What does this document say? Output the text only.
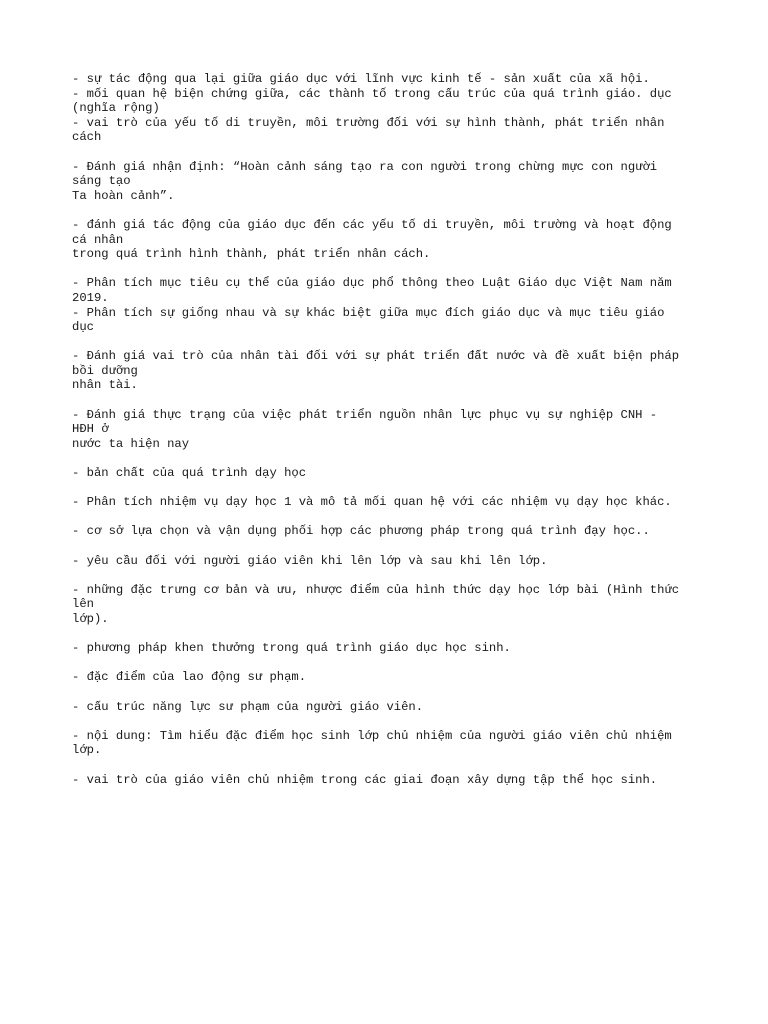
- sự tác động qua lại giữa giáo dục với lĩnh vực kinh tế - sản xuất của xã hội.
- mối quan hệ biện chứng giữa, các thành tố trong cấu trúc của quá trình giáo. dục
(nghĩa rộng)
- vai trò của yếu tố di truyền, môi trường đối với sự hình thành, phát triển nhân
cách
- Đánh giá nhận định: “Hoàn cảnh sáng tạo ra con người trong chừng mực con người
sáng tạo
Ta hoàn cảnh”.
- đánh giá tác động của giáo dục đến các yếu tố di truyền, môi trường và hoạt động
cá nhân
trong quá trình hình thành, phát triển nhân cách.
- Phân tích mục tiêu cụ thể của giáo dục phổ thông theo Luật Giáo dục Việt Nam năm
2019.
- Phân tích sự giống nhau và sự khác biệt giữa mục đích giáo dục và mục tiêu giáo
dục
- Đánh giá vai trò của nhân tài đối với sự phát triển đất nước và đề xuất biện pháp
bồi dưỡng
nhân tài.
- Đánh giá thực trạng của việc phát triển nguồn nhân lực phục vụ sự nghiệp CNH -
HĐH ở
nước ta hiện nay
- bản chất của quá trình dạy học
- Phân tích nhiệm vụ dạy học 1 và mô tả mối quan hệ với các nhiệm vụ dạy học khác.
- cơ sở lựa chọn và vận dụng phối hợp các phương pháp trong quá trình đạy học..
- yêu cầu đối với người giáo viên khi lên lớp và sau khi lên lớp.
- những đặc trưng cơ bản và ưu, nhược điểm của hình thức dạy học lớp bài (Hình thức
lên
lớp).
- phương pháp khen thưởng trong quá trình giáo dục học sinh.
- đặc điểm của lao động sư phạm.
- cấu trúc năng lực sư phạm của người giáo viên.
- nội dung: Tìm hiểu đặc điểm học sinh lớp chủ nhiệm của người giáo viên chủ nhiệm
lớp.
- vai trò của giáo viên chủ nhiệm trong các giai đoạn xây dựng tập thể học sinh.
